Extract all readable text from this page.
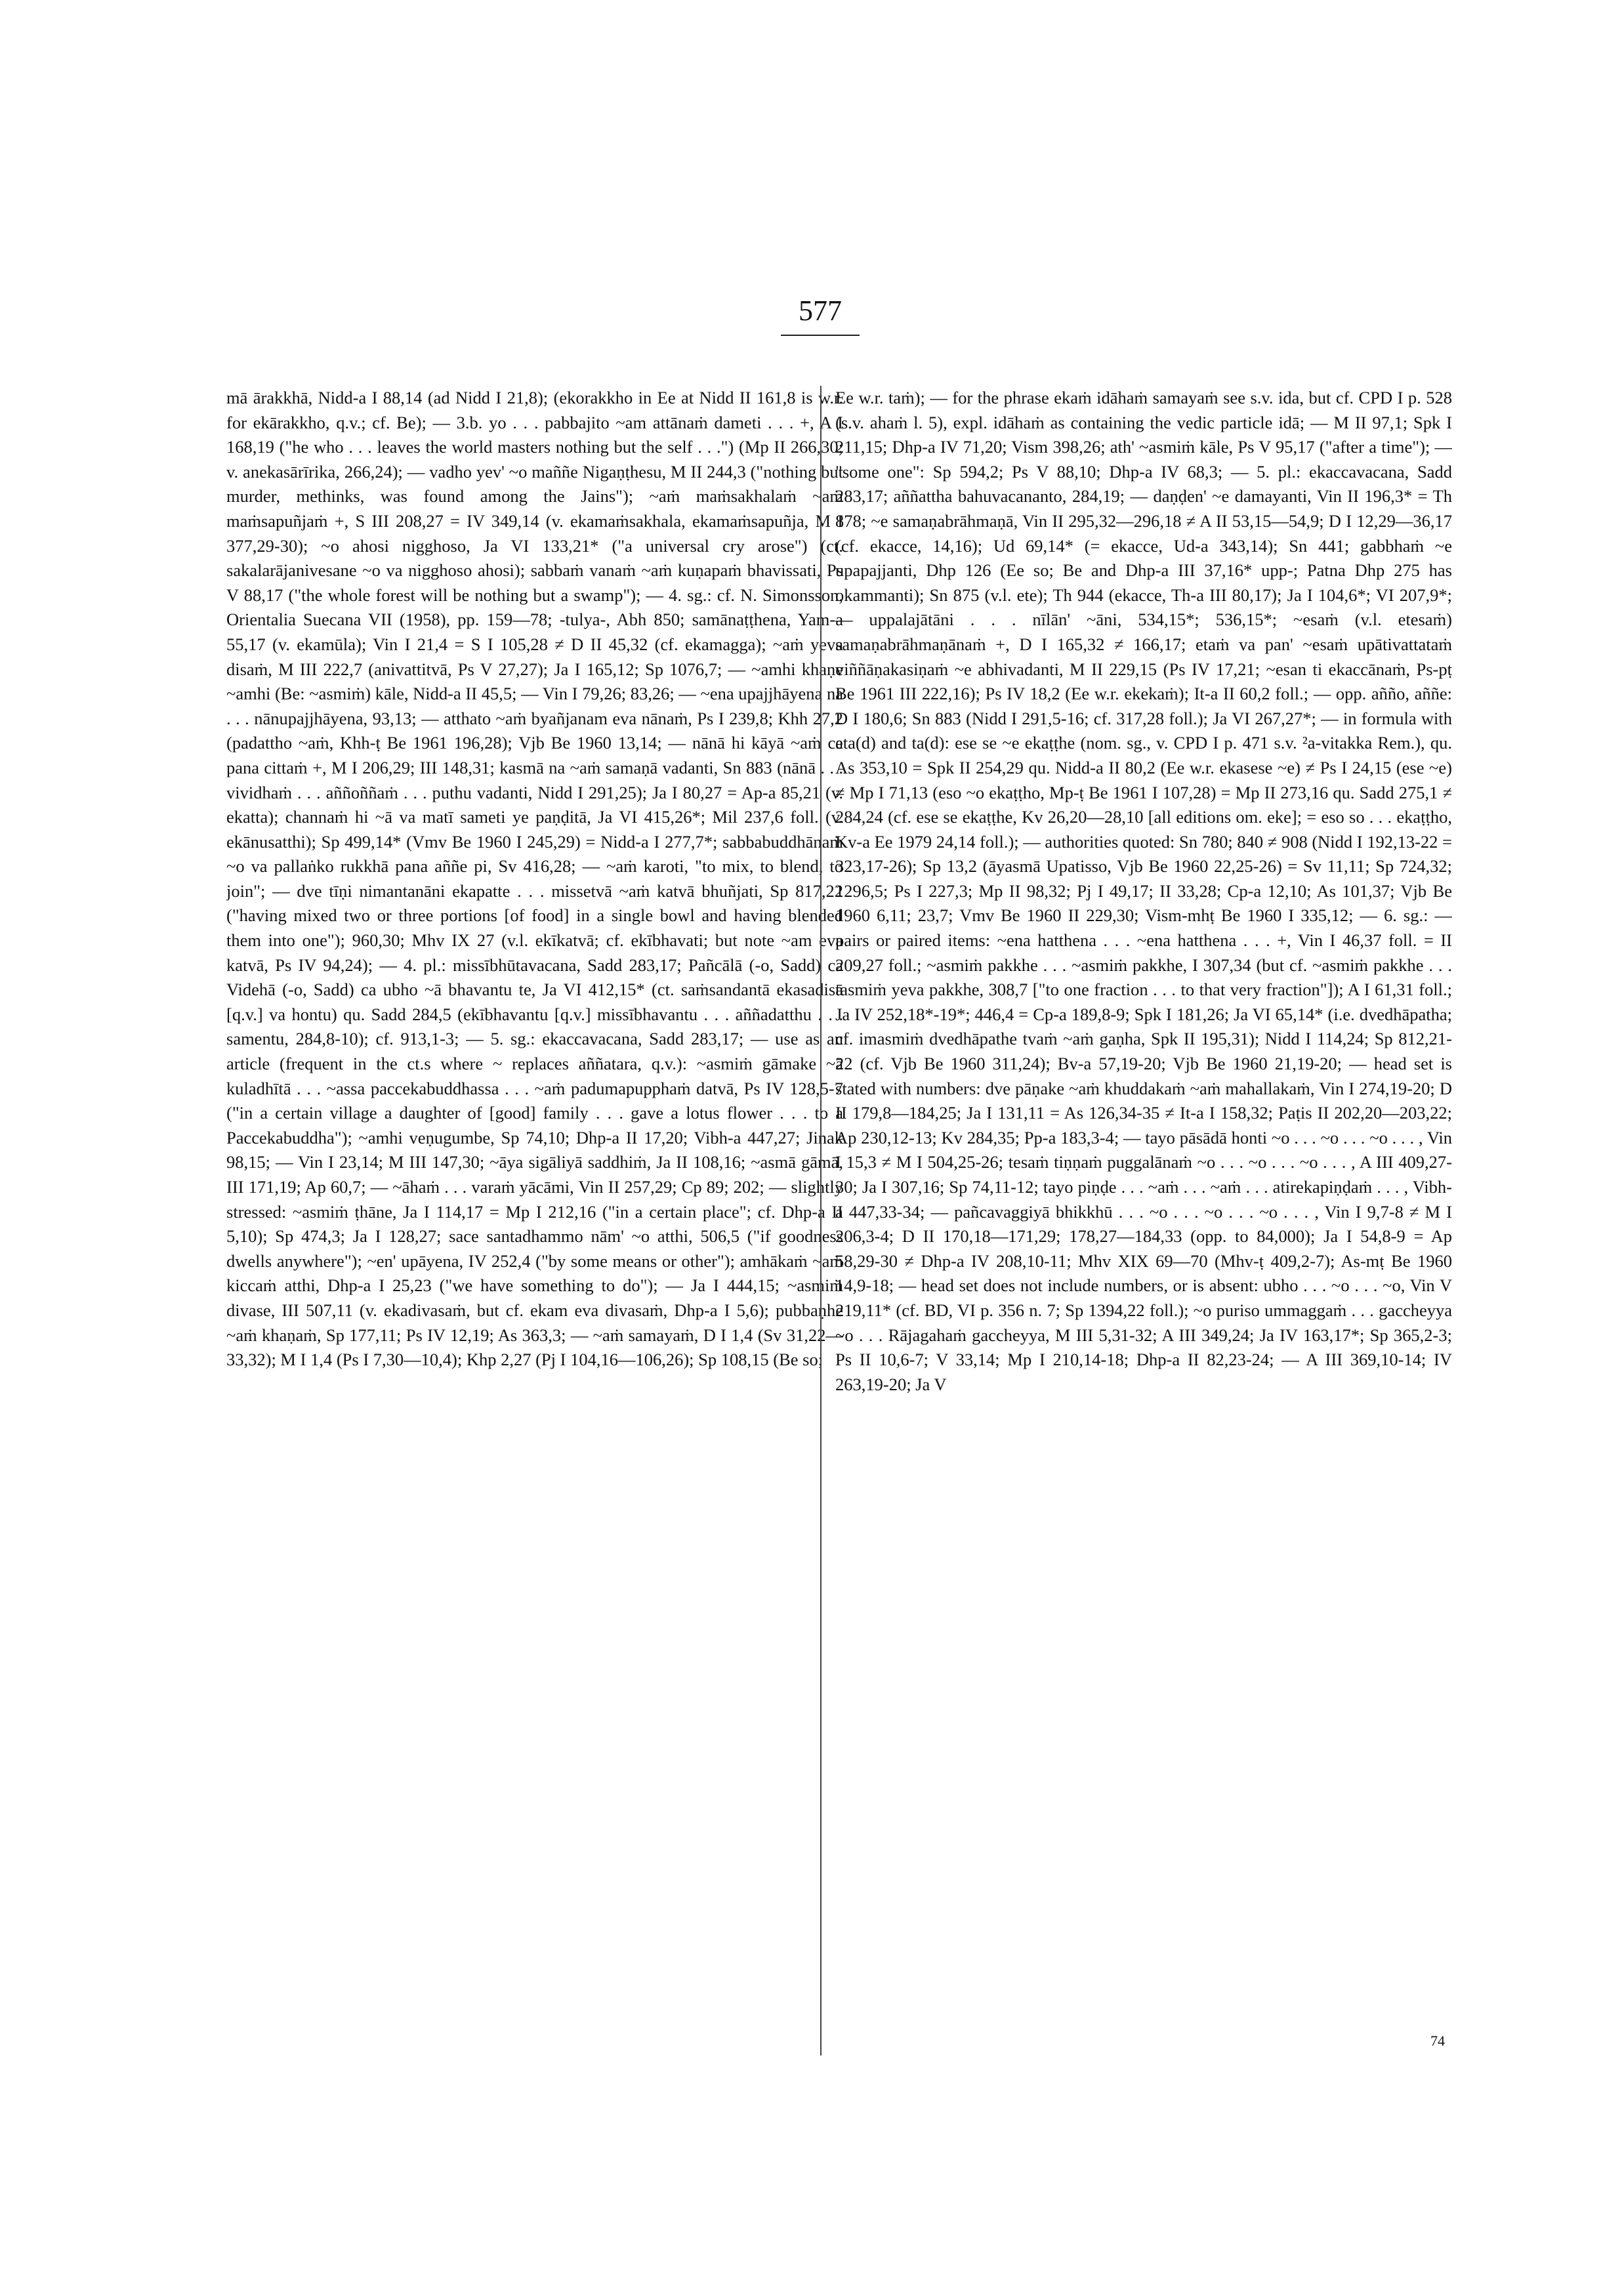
577
mā ārakkhā, Nidd-a I 88,14 (ad Nidd I 21,8); (ekorakkho in Ee at Nidd II 161,8 is w.r. for ekārakkho, q.v.; cf. Be); — 3.b. yo . . . pabbajito ~am attānaṁ dameti . . . +, A I 168,19 ("he who . . . leaves the world masters nothing but the self . . .") (Mp II 266,30; v. anekasārīrika, 266,24); — vadho yev' ~o maññe Nigaṇṭhesu, M II 244,3 ("nothing but murder, methinks, was found among the Jains"); ~aṁ maṁsakhalaṁ ~aṁ maṁsapuñjaṁ +, S III 208,27 = IV 349,14 (v. ekamaṁsakhala, ekamaṁsapuñja, M I 377,29-30); ~o ahosi nigghoso, Ja VI 133,21* ("a universal cry arose") (ct. sakalarājanivesane ~o va nigghoso ahosi); sabbaṁ vanaṁ ~aṁ kuṇapaṁ bhavissati, Ps V 88,17 ("the whole forest will be nothing but a swamp"); — 4. sg.: cf. N. Simonsson, Orientalia Suecana VII (1958), pp. 159—78; -tulya-, Abh 850; samānaṭṭhena, Yam-a 55,17 (v. ekamūla); Vin I 21,4 = S I 105,28 ≠ D II 45,32 (cf. ekamagga); ~aṁ yeva disaṁ, M III 222,7 (anivattitvā, Ps V 27,27); Ja I 165,12; Sp 1076,7; — ~amhi khaṇe ~amhi (Be: ~asmiṁ) kāle, Nidd-a II 45,5; — Vin I 79,26; 83,26; — ~ena upajjhāyena na . . . nānupajjhāyena, 93,13; — atthato ~aṁ byañjanam eva nānaṁ, Ps I 239,8; Khh 27,2 (padattho ~aṁ, Khh-ṭ Be 1961 196,28); Vjb Be 1960 13,14; — nānā hi kāyā ~aṁ ca pana cittaṁ +, M I 206,29; III 148,31; kasmā na ~aṁ samaṇā vadanti, Sn 883 (nānā . . . vividhaṁ . . . aññoññaṁ . . . puthu vadanti, Nidd I 291,25); Ja I 80,27 = Ap-a 85,21 (v. ekatta); channaṁ hi ~ā va matī sameti ye paṇḍitā, Ja VI 415,26*; Mil 237,6 foll. (v. ekānusatthi); Sp 499,14* (Vmv Be 1960 I 245,29) = Nidd-a I 277,7*; sabbabuddhānaṁ ~o va pallaṅko rukkhā pana aññe pi, Sv 416,28; — ~aṁ karoti, "to mix, to blend, to join"; — dve tīṇi nimantanāni ekapatte . . . missetvā ~aṁ katvā bhuñjati, Sp 817,22 ("having mixed two or three portions [of food] in a single bowl and having blended them into one"); 960,30; Mhv IX 27 (v.l. ekīkatvā; cf. ekībhavati; but note ~am eva katvā, Ps IV 94,24); — 4. pl.: missībhūtavacana, Sadd 283,17; Pañcālā (-o, Sadd) ca Videhā (-o, Sadd) ca ubho ~ā bhavantu te, Ja VI 412,15* (ct. saṁsandantā ekasadisā [q.v.] va hontu) qu. Sadd 284,5 (ekībhavantu [q.v.] missībhavantu . . . aññadatthu . . . samentu, 284,8-10); cf. 913,1-3; — 5. sg.: ekaccavacana, Sadd 283,17; — use as an article (frequent in the ct.s where ~ replaces aññatara, q.v.): ~asmiṁ gāmake ~ā kuladhītā . . . ~assa paccekabuddhassa . . . ~aṁ padumapupphaṁ datvā, Ps IV 128,5-7 ("in a certain village a daughter of [good] family . . . gave a lotus flower . . . to a Paccekabuddha"); ~amhi veṇugumbe, Sp 74,10; Dhp-a II 17,20; Vibh-a 447,27; Jinak 98,15; — Vin I 23,14; M III 147,30; ~āya sigāliyā saddhiṁ, Ja II 108,16; ~asmā gāmā, III 171,19; Ap 60,7; — ~āhaṁ . . . varaṁ yācāmi, Vin II 257,29; Cp 89; 202; — slightly stressed: ~asmiṁ ṭhāne, Ja I 114,17 = Mp I 212,16 ("in a certain place"; cf. Dhp-a II 5,10); Sp 474,3; Ja I 128,27; sace santadhammo nām' ~o atthi, 506,5 ("if goodness dwells anywhere"); ~en' upāyena, IV 252,4 ("by some means or other"); amhākaṁ ~aṁ kiccaṁ atthi, Dhp-a I 25,23 ("we have something to do"); — Ja I 444,15; ~asmiṁ divase, III 507,11 (v. ekadivasaṁ, but cf. ekam eva divasaṁ, Dhp-a I 5,6); pubbaṇhe ~aṁ khaṇaṁ, Sp 177,11; Ps IV 12,19; As 363,3; — ~aṁ samayaṁ, D I 1,4 (Sv 31,22—33,32); M I 1,4 (Ps I 7,30—10,4); Khp 2,27 (Pj I 104,16—106,26); Sp 108,15 (Be so;
Ee w.r. taṁ); — for the phrase ekaṁ idāhaṁ samayaṁ see s.v. ida, but cf. CPD I p. 528 (s.v. ahaṁ l. 5), expl. idāhaṁ as containing the vedic particle idā; — M II 97,1; Spk I 211,15; Dhp-a IV 71,20; Vism 398,26; ath' ~asmiṁ kāle, Ps V 95,17 ("after a time"); — "some one": Sp 594,2; Ps V 88,10; Dhp-a IV 68,3; — 5. pl.: ekaccavacana, Sadd 283,17; aññattha bahuvacananto, 284,19; — daṇḍen' ~e damayanti, Vin II 196,3* = Th 878; ~e samaṇabrāhmaṇā, Vin II 295,32—296,18 ≠ A II 53,15—54,9; D I 12,29—36,17 (cf. ekacce, 14,16); Ud 69,14* (= ekacce, Ud-a 343,14); Sn 441; gabbhaṁ ~e upapajjanti, Dhp 126 (Ee so; Be and Dhp-a III 37,16* upp-; Patna Dhp 275 has okammanti); Sn 875 (v.l. ete); Th 944 (ekacce, Th-a III 80,17); Ja I 104,6*; VI 207,9*; — uppalajātāni . . . nīlān' ~āni, 534,15*; 536,15*; ~esaṁ (v.l. etesaṁ) samaṇabrāhmaṇānaṁ +, D I 165,32 ≠ 166,17; etaṁ va pan' ~esaṁ upātivattataṁ viññāṇakasiṇaṁ ~e abhivadanti, M II 229,15 (Ps IV 17,21; ~esan ti ekaccānaṁ, Ps-pṭ Be 1961 III 222,16); Ps IV 18,2 (Ee w.r. ekekaṁ); It-a II 60,2 foll.; — opp. añño, aññe: D I 180,6; Sn 883 (Nidd I 291,5-16; cf. 317,28 foll.); Ja VI 267,27*; — in formula with eta(d) and ta(d): ese se ~e ekaṭṭhe (nom. sg., v. CPD I p. 471 s.v. ²a-vitakka Rem.), qu. As 353,10 = Spk II 254,29 qu. Nidd-a II 80,2 (Ee w.r. ekasese ~e) ≠ Ps I 24,15 (ese ~e) ≠ Mp I 71,13 (eso ~o ekaṭṭho, Mp-ṭ Be 1961 I 107,28) = Mp II 273,16 qu. Sadd 275,1 ≠ 284,24 (cf. ese se ekaṭṭhe, Kv 26,20—28,10 [all editions om. eke]; = eso so . . . ekaṭṭho, Kv-a Ee 1979 24,14 foll.); — authorities quoted: Sn 780; 840 ≠ 908 (Nidd I 192,13-22 = 323,17-26); Sp 13,2 (āyasmā Upatisso, Vjb Be 1960 22,25-26) = Sv 11,11; Sp 724,32; 1296,5; Ps I 227,3; Mp II 98,32; Pj I 49,17; II 33,28; Cp-a 12,10; As 101,37; Vjb Be 1960 6,11; 23,7; Vmv Be 1960 II 229,30; Vism-mhṭ Be 1960 I 335,12; — 6. sg.: — pairs or paired items: ~ena hatthena . . . ~ena hatthena . . . +, Vin I 46,37 foll. = II 209,27 foll.; ~asmiṁ pakkhe . . . ~asmiṁ pakkhe, I 307,34 (but cf. ~asmiṁ pakkhe . . . tasmiṁ yeva pakkhe, 308,7 ["to one fraction . . . to that very fraction"]); A I 61,31 foll.; Ja IV 252,18*-19*; 446,4 = Cp-a 189,8-9; Spk I 181,26; Ja VI 65,14* (i.e. dvedhāpatha; cf. imasmiṁ dvedhāpathe tvaṁ ~aṁ gaṇha, Spk II 195,31); Nidd I 114,24; Sp 812,21-22 (cf. Vjb Be 1960 311,24); Bv-a 57,19-20; Vjb Be 1960 21,19-20; — head set is stated with numbers: dve pāṇake ~aṁ khuddakaṁ ~aṁ mahallakaṁ, Vin I 274,19-20; D II 179,8—184,25; Ja I 131,11 = As 126,34-35 ≠ It-a I 158,32; Paṭis II 202,20—203,22; Ap 230,12-13; Kv 284,35; Pp-a 183,3-4; — tayo pāsādā honti ~o . . . ~o . . . ~o . . . , Vin I 15,3 ≠ M I 504,25-26; tesaṁ tiṇṇaṁ puggalānaṁ ~o . . . ~o . . . ~o . . . , A III 409,27-30; Ja I 307,16; Sp 74,11-12; tayo piṇḍe . . . ~aṁ . . . ~aṁ . . . atirekapiṇḍaṁ . . . , Vibh-a 447,33-34; — pañcavaggiyā bhikkhū . . . ~o . . . ~o . . . ~o . . . , Vin I 9,7-8 ≠ M I 206,3-4; D II 170,18—171,29; 178,27—184,33 (opp. to 84,000); Ja I 54,8-9 = Ap 58,29-30 ≠ Dhp-a IV 208,10-11; Mhv XIX 69—70 (Mhv-ṭ 409,2-7); As-mṭ Be 1960 14,9-18; — head set does not include numbers, or is absent: ubho . . . ~o . . . ~o, Vin V 219,11* (cf. BD, VI p. 356 n. 7; Sp 1394,22 foll.); ~o puriso ummaggaṁ . . . gaccheyya ~o . . . Rājagahaṁ gaccheyya, M III 5,31-32; A III 349,24; Ja IV 163,17*; Sp 365,2-3; Ps II 10,6-7; V 33,14; Mp I 210,14-18; Dhp-a II 82,23-24; — A III 369,10-14; IV 263,19-20; Ja V
74
